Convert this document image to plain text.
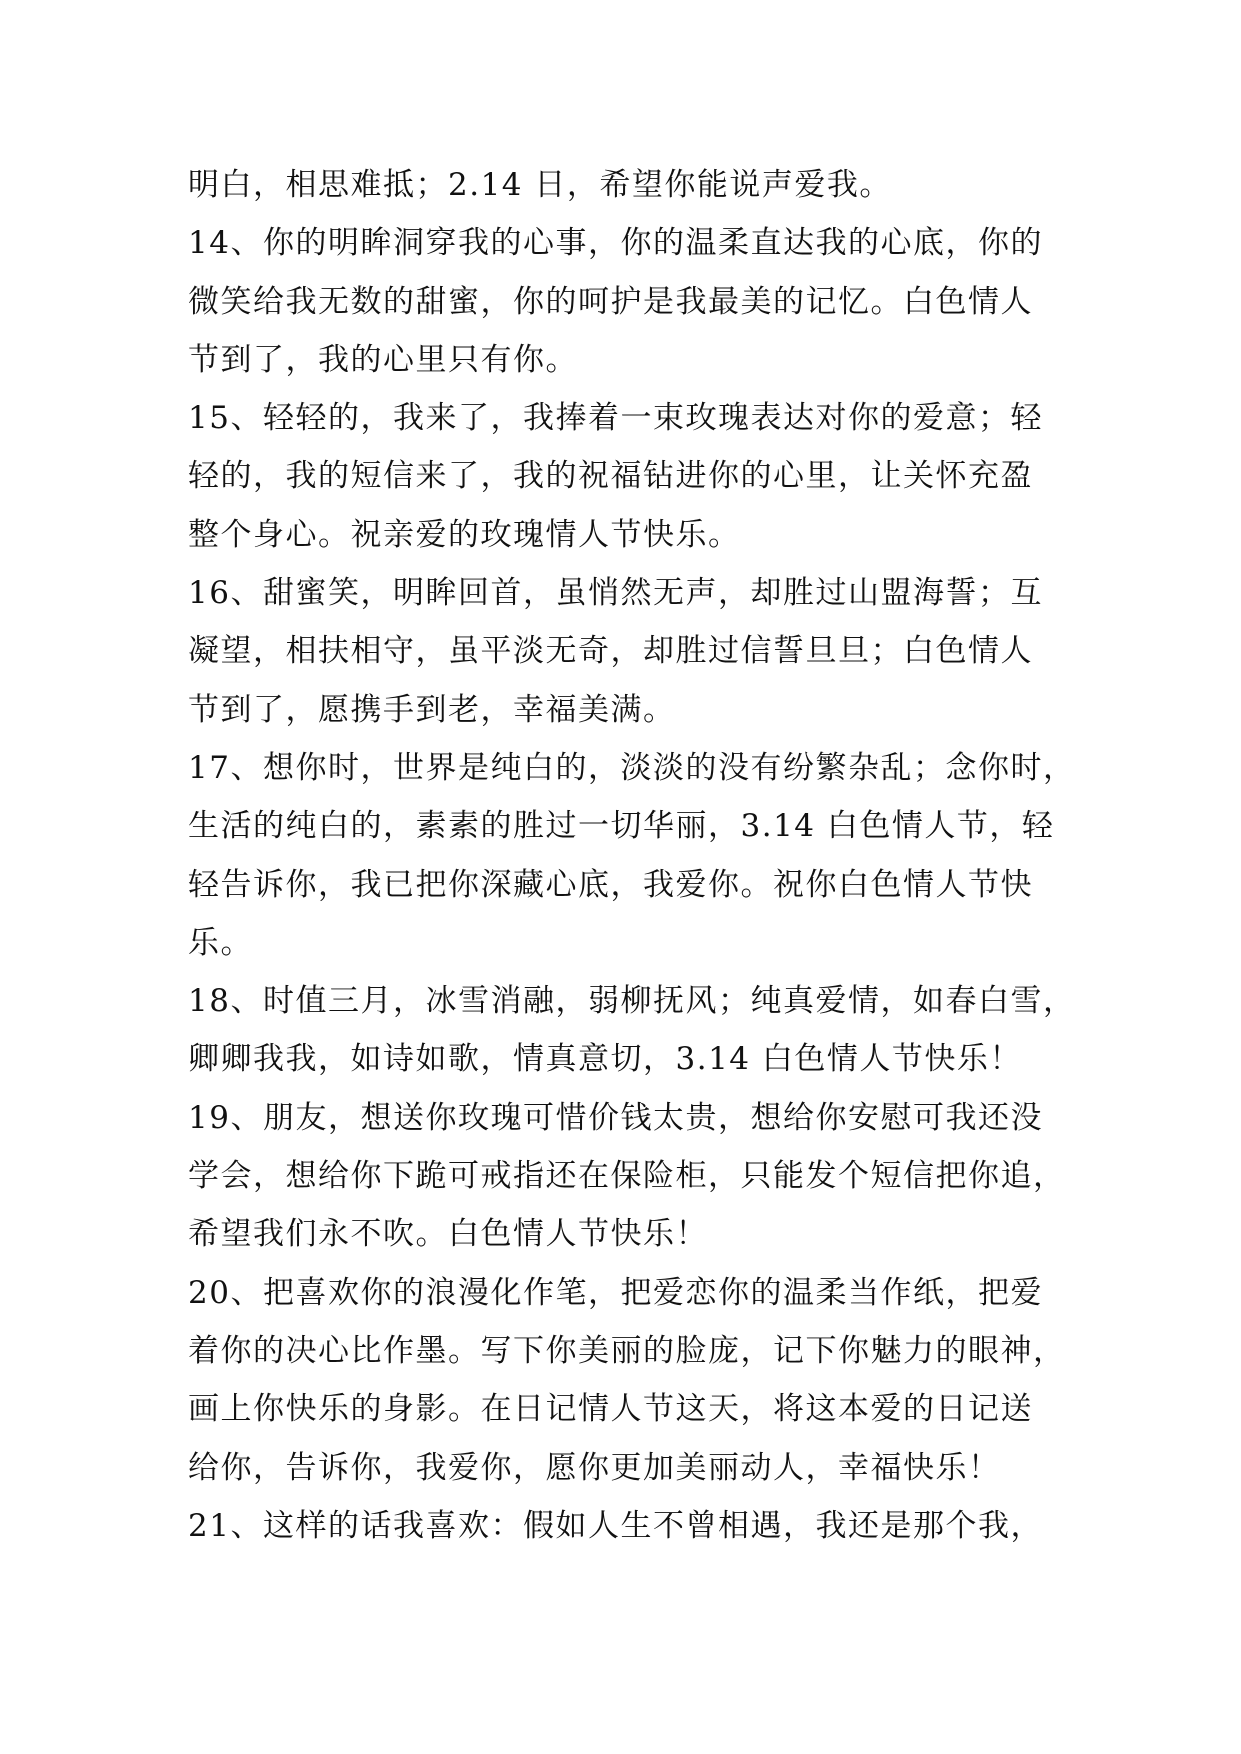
明白，相思难抵；2.14 日，希望你能说声爱我。
14、你的明眸洞穿我的心事，你的温柔直达我的心底，你的
微笑给我无数的甜蜜，你的呵护是我最美的记忆。白色情人
节到了，我的心里只有你。
15、轻轻的，我来了，我捧着一束玫瑰表达对你的爱意；轻
轻的，我的短信来了，我的祝福钻进你的心里，让关怀充盈
整个身心。祝亲爱的玫瑰情人节快乐。
16、甜蜜笑，明眸回首，虽悄然无声，却胜过山盟海誓；互
凝望，相扶相守，虽平淡无奇，却胜过信誓旦旦；白色情人
节到了，愿携手到老，幸福美满。
17、想你时，世界是纯白的，淡淡的没有纷繁杂乱；念你时，
生活的纯白的，素素的胜过一切华丽，3.14 白色情人节，轻
轻告诉你，我已把你深藏心底，我爱你。祝你白色情人节快
乐。
18、时值三月，冰雪消融，弱柳抚风；纯真爱情，如春白雪，
卿卿我我，如诗如歌，情真意切，3.14 白色情人节快乐！
19、朋友，想送你玫瑰可惜价钱太贵，想给你安慰可我还没
学会，想给你下跪可戒指还在保险柜，只能发个短信把你追，
希望我们永不吹。白色情人节快乐！
20、把喜欢你的浪漫化作笔，把爱恋你的温柔当作纸，把爱
着你的决心比作墨。写下你美丽的脸庞，记下你魅力的眼神，
画上你快乐的身影。在日记情人节这天，将这本爱的日记送
给你，告诉你，我爱你，愿你更加美丽动人，幸福快乐！
21、这样的话我喜欢：假如人生不曾相遇，我还是那个我，
